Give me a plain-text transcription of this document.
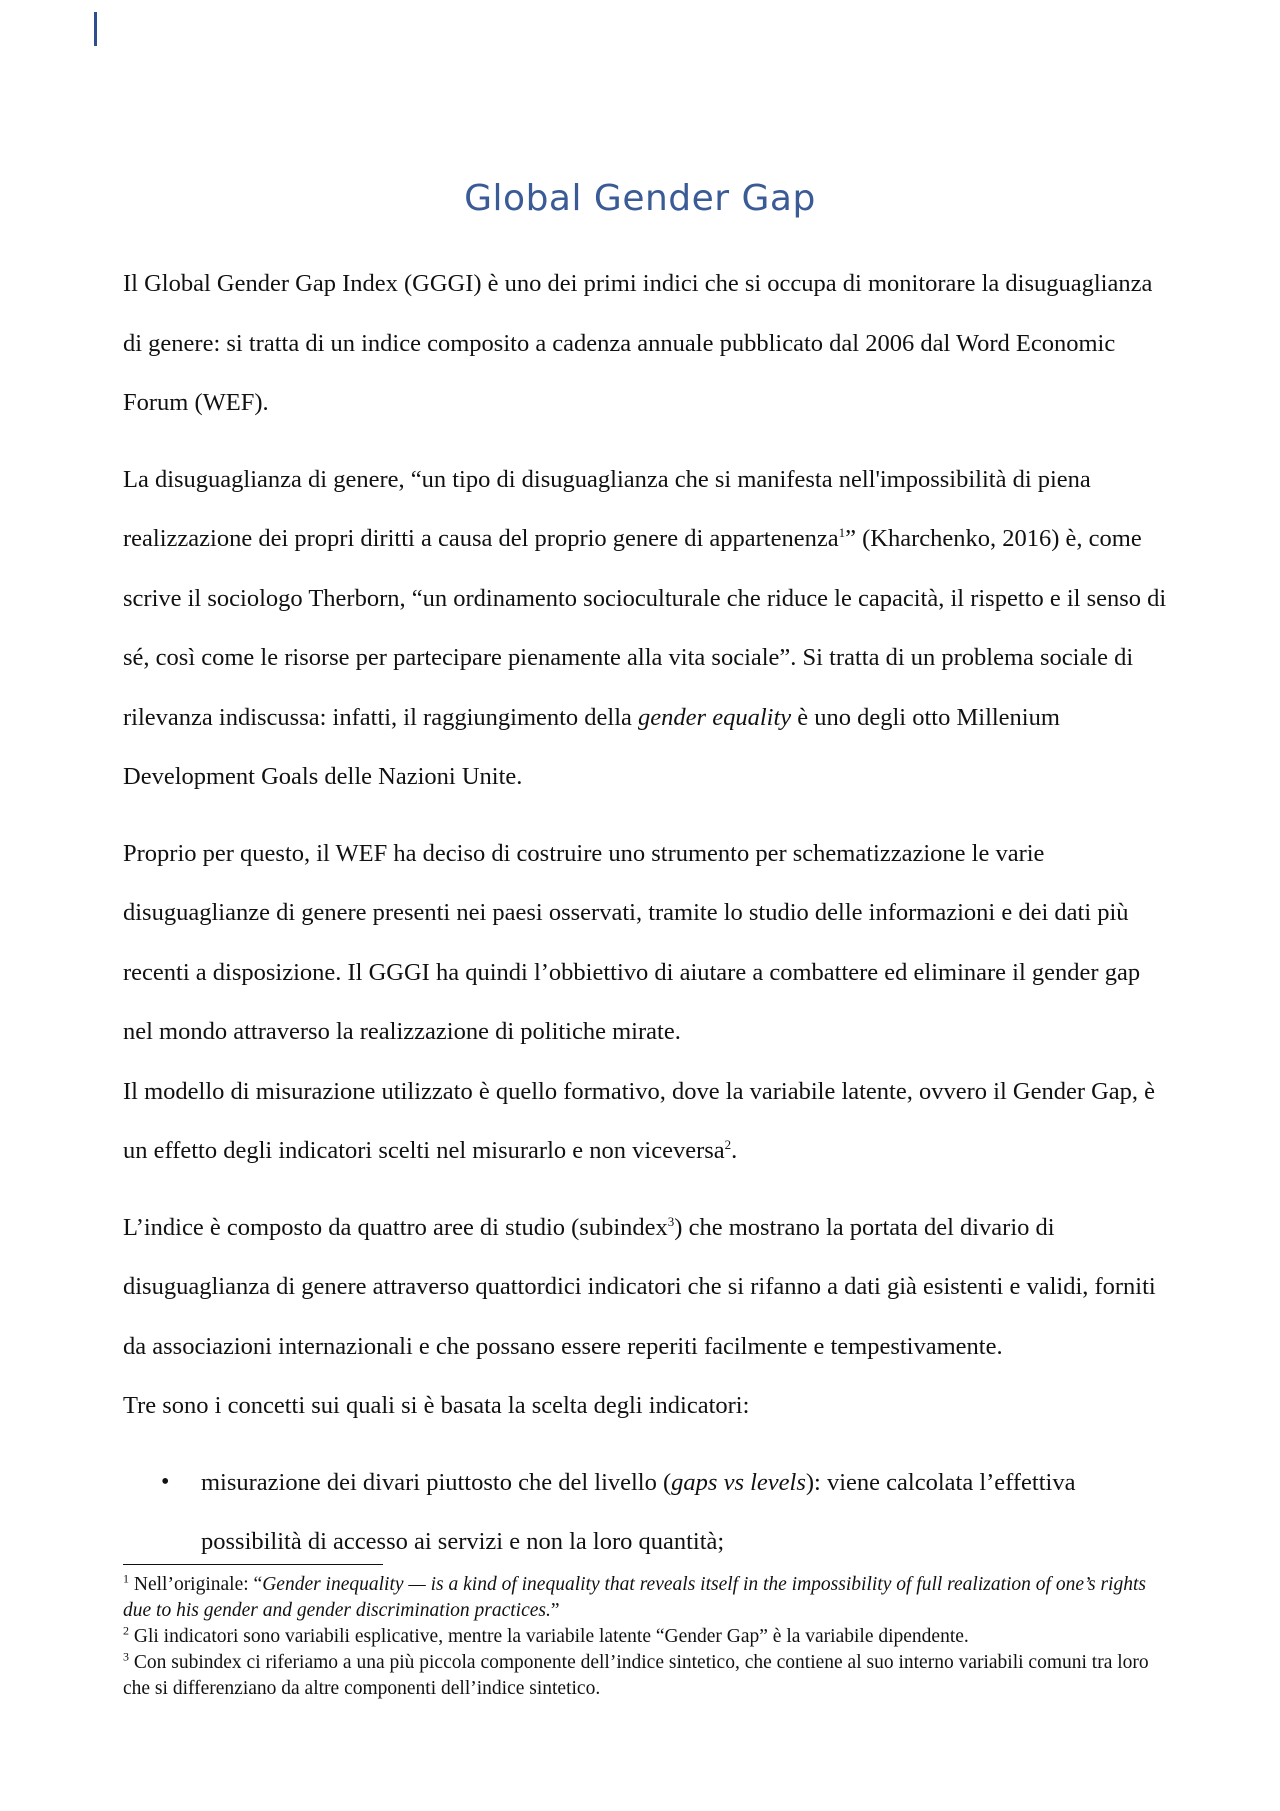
Global Gender Gap

Il Global Gender Gap Index (GGGI) è uno dei primi indici che si occupa di monitorare la disuguaglianza di genere: si tratta di un indice composito a cadenza annuale pubblicato dal 2006 dal Word Economic Forum (WEF).

La disuguaglianza di genere, “un tipo di disuguaglianza che si manifesta nell'impossibilità di piena realizzazione dei propri diritti a causa del proprio genere di appartenenza$^1$” (Kharchenko, 2016) è, come scrive il sociologo Therborn, “un ordinamento socioculturale che riduce le capacità, il rispetto e il senso di sé, così come le risorse per partecipare pienamente alla vita sociale”. Si tratta di un problema sociale di rilevanza indiscussa: infatti, il raggiungimento della gender equality è uno degli otto Millenium Development Goals delle Nazioni Unite.

Proprio per questo, il WEF ha deciso di costruire uno strumento per schematizzazione le varie disuguaglianze di genere presenti nei paesi osservati, tramite lo studio delle informazioni e dei dati più recenti a disposizione. Il GGGI ha quindi l’obbiettivo di aiutare a combattere ed eliminare il gender gap nel mondo attraverso la realizzazione di politiche mirate.

Il modello di misurazione utilizzato è quello formativo, dove la variabile latente, ovvero il Gender Gap, è un effetto degli indicatori scelti nel misurarlo e non viceversa$^2$.

L’indice è composto da quattro aree di studio (subindex$^3$) che mostrano la portata del divario di disuguaglianza di genere attraverso quattordici indicatori che si rifanno a dati già esistenti e validi, forniti da associazioni internazionali e che possano essere reperiti facilmente e tempestivamente.

Tre sono i concetti sui quali si è basata la scelta degli indicatori:

• misurazione dei divari piuttosto che del livello (gaps vs levels): viene calcolata l’effettiva possibilità di accesso ai servizi e non la loro quantità;

$^1$ Nell’originale: “Gender inequality — is a kind of inequality that reveals itself in the impossibility of full realization of one’s rights due to his gender and gender discrimination practices.”

$^2$ Gli indicatori sono variabili esplicative, mentre la variabile latente “Gender Gap” è la variabile dipendente.

$^3$ Con subindex ci riferiamo a una più piccola componente dell’indice sintetico, che contiene al suo interno variabili comuni tra loro che si differenziano da altre componenti dell’indice sintetico.
